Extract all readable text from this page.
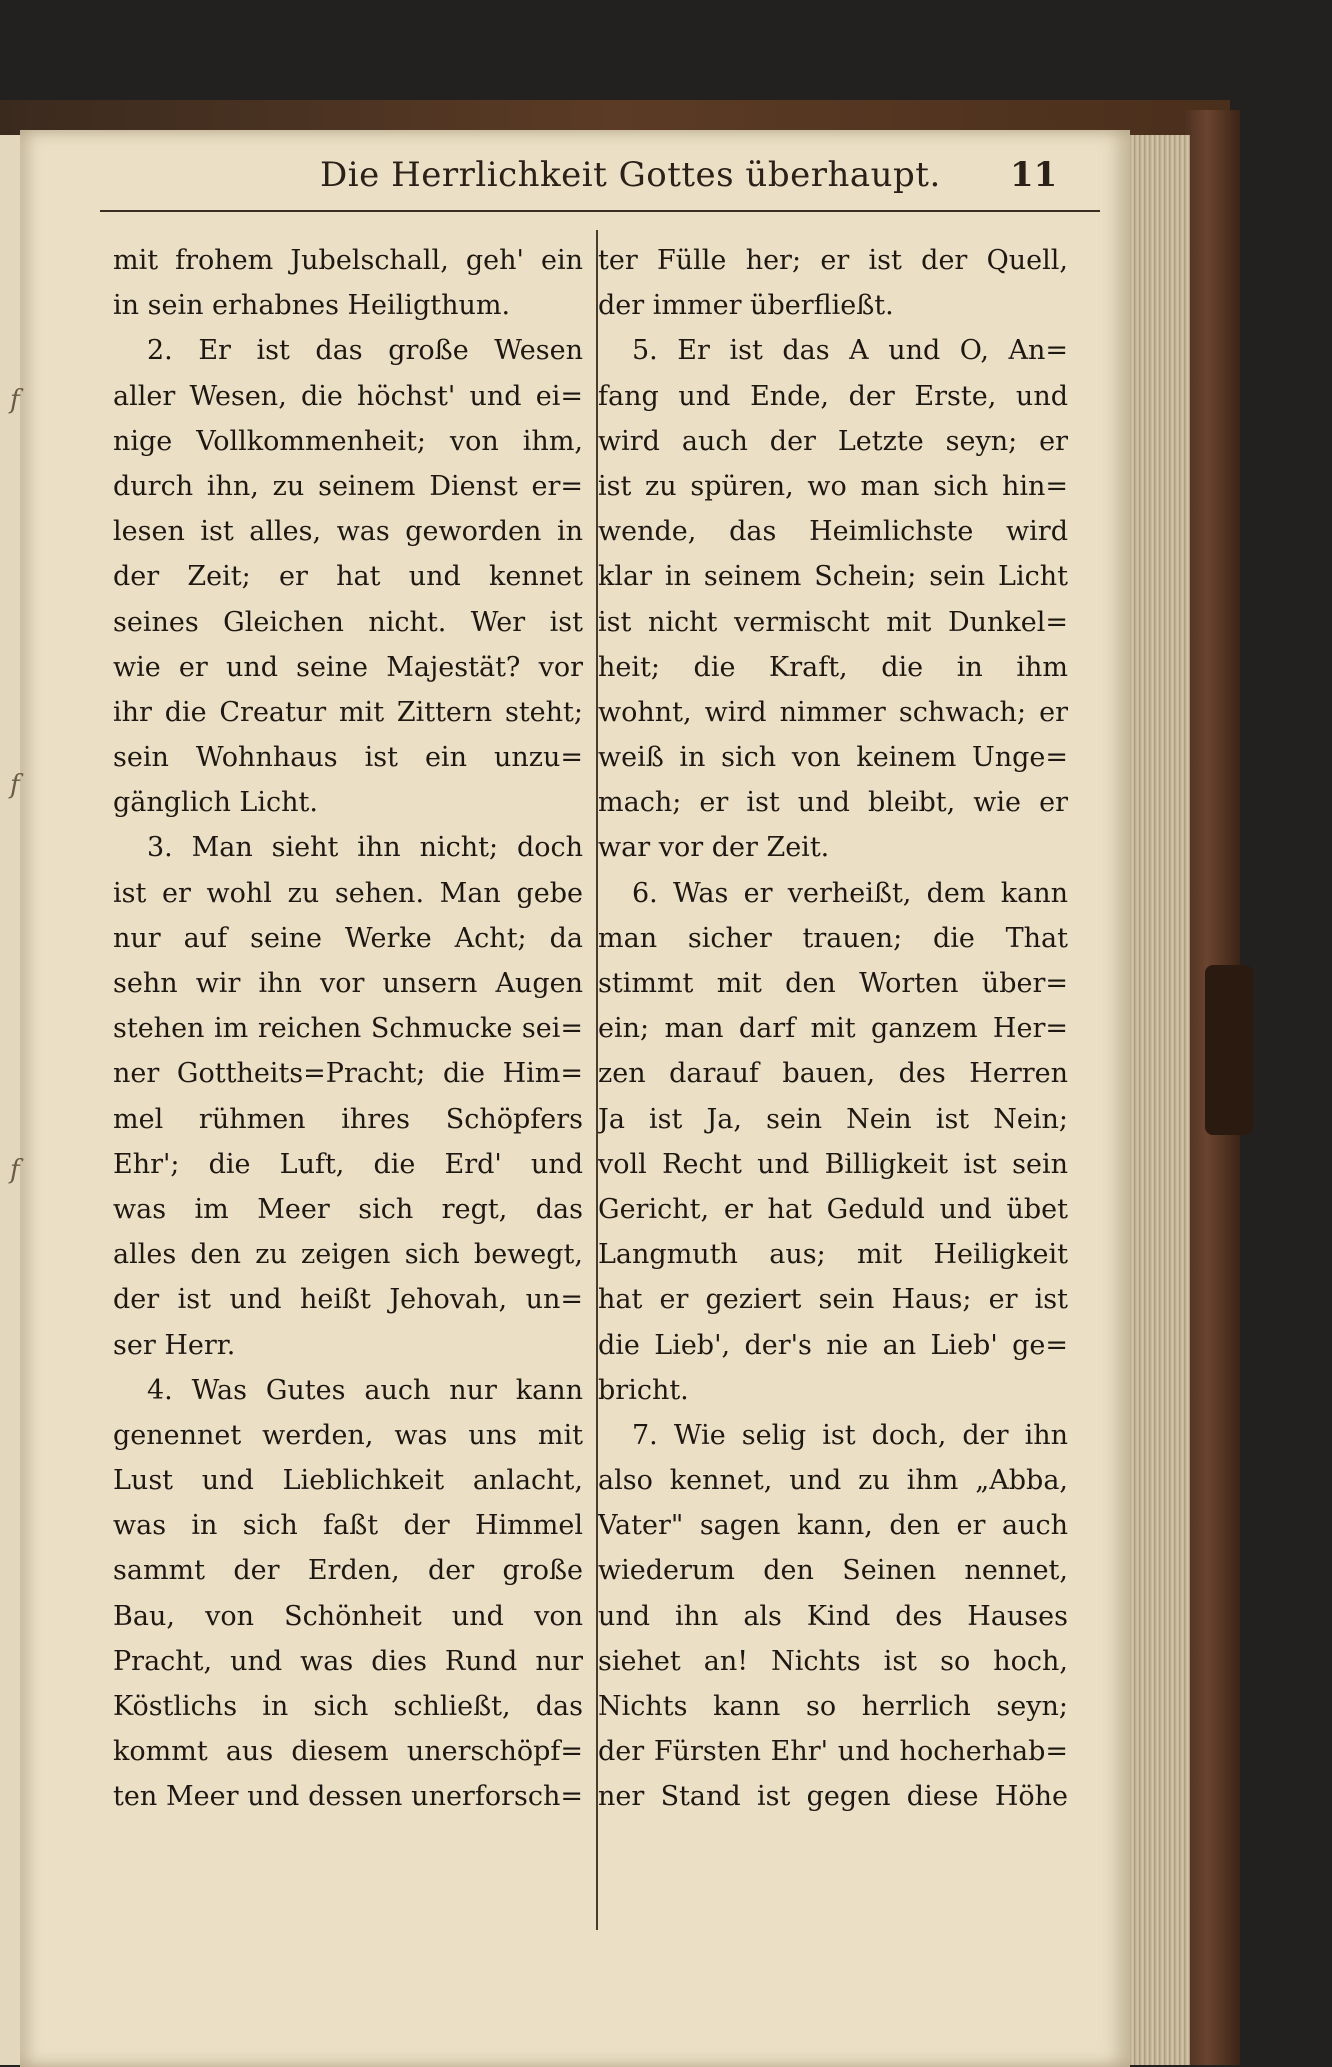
Die Herrlichkeit Gottes überhaupt. 11
mit frohem Jubelschall, geh' ein
in sein erhabnes Heiligthum.
2. Er ist das große Wesen
aller Wesen, die höchst' und ei=
nige Vollkommenheit; von ihm,
durch ihn, zu seinem Dienst er=
lesen ist alles, was geworden in
der Zeit; er hat und kennet
seines Gleichen nicht. Wer ist
wie er und seine Majestät? vor
ihr die Creatur mit Zittern steht;
sein Wohnhaus ist ein unzu=
gänglich Licht.
3. Man sieht ihn nicht; doch
ist er wohl zu sehen. Man gebe
nur auf seine Werke Acht; da
sehn wir ihn vor unsern Augen
stehen im reichen Schmucke sei=
ner Gottheits=Pracht; die Him=
mel rühmen ihres Schöpfers
Ehr'; die Luft, die Erd' und
was im Meer sich regt, das
alles den zu zeigen sich bewegt,
der ist und heißt Jehovah, un=
ser Herr.
4. Was Gutes auch nur kann
genennet werden, was uns mit
Lust und Lieblichkeit anlacht,
was in sich faßt der Himmel
sammt der Erden, der große
Bau, von Schönheit und von
Pracht, und was dies Rund nur
Köstlichs in sich schließt, das
kommt aus diesem unerschöpf=
ten Meer und dessen unerforsch=
ter Fülle her; er ist der Quell,
der immer überfließt.
5. Er ist das A und O, An=
fang und Ende, der Erste, und
wird auch der Letzte seyn; er
ist zu spüren, wo man sich hin=
wende, das Heimlichste wird
klar in seinem Schein; sein Licht
ist nicht vermischt mit Dunkel=
heit; die Kraft, die in ihm
wohnt, wird nimmer schwach; er
weiß in sich von keinem Unge=
mach; er ist und bleibt, wie er
war vor der Zeit.
6. Was er verheißt, dem kann
man sicher trauen; die That
stimmt mit den Worten über=
ein; man darf mit ganzem Her=
zen darauf bauen, des Herren
Ja ist Ja, sein Nein ist Nein;
voll Recht und Billigkeit ist sein
Gericht, er hat Geduld und übet
Langmuth aus; mit Heiligkeit
hat er geziert sein Haus; er ist
die Lieb', der's nie an Lieb' ge=
bricht.
7. Wie selig ist doch, der ihn
also kennet, und zu ihm „Abba,
Vater" sagen kann, den er auch
wiederum den Seinen nennet,
und ihn als Kind des Hauses
siehet an! Nichts ist so hoch,
Nichts kann so herrlich seyn;
der Fürsten Ehr' und hocherhab=
ner Stand ist gegen diese Höhe
f
f
f
